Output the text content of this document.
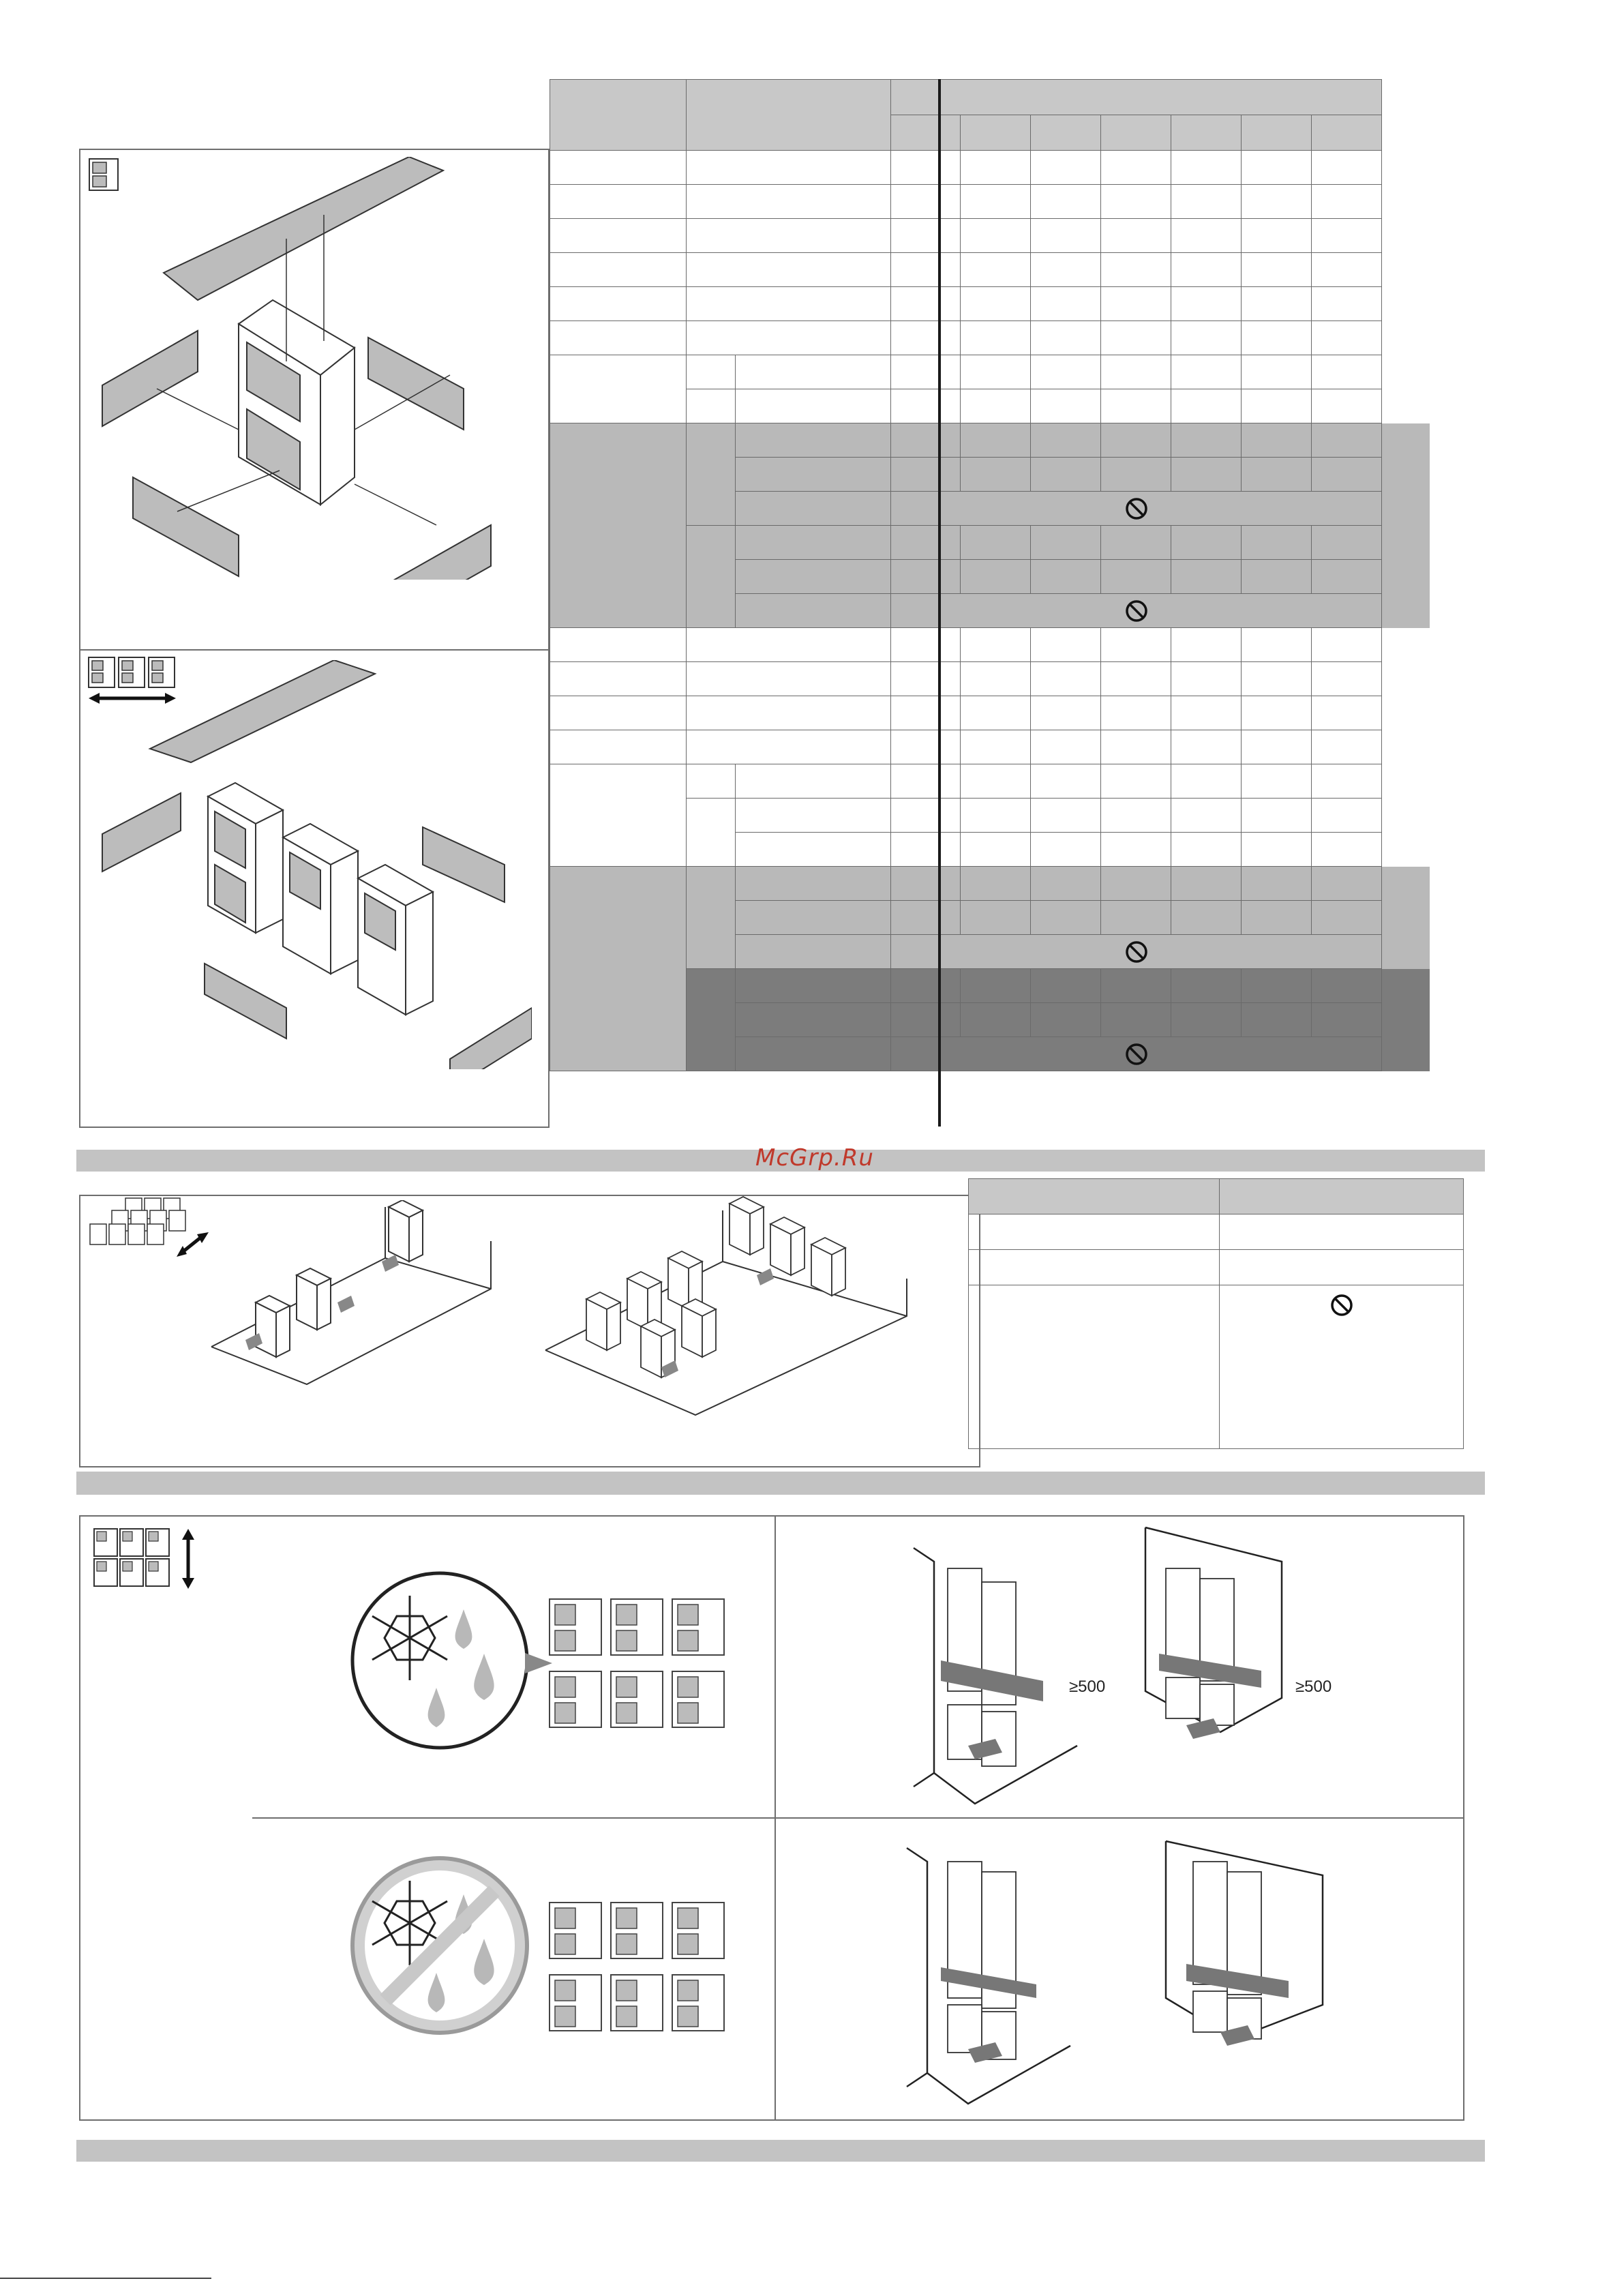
McGrp.Ru

≥500	≥500
